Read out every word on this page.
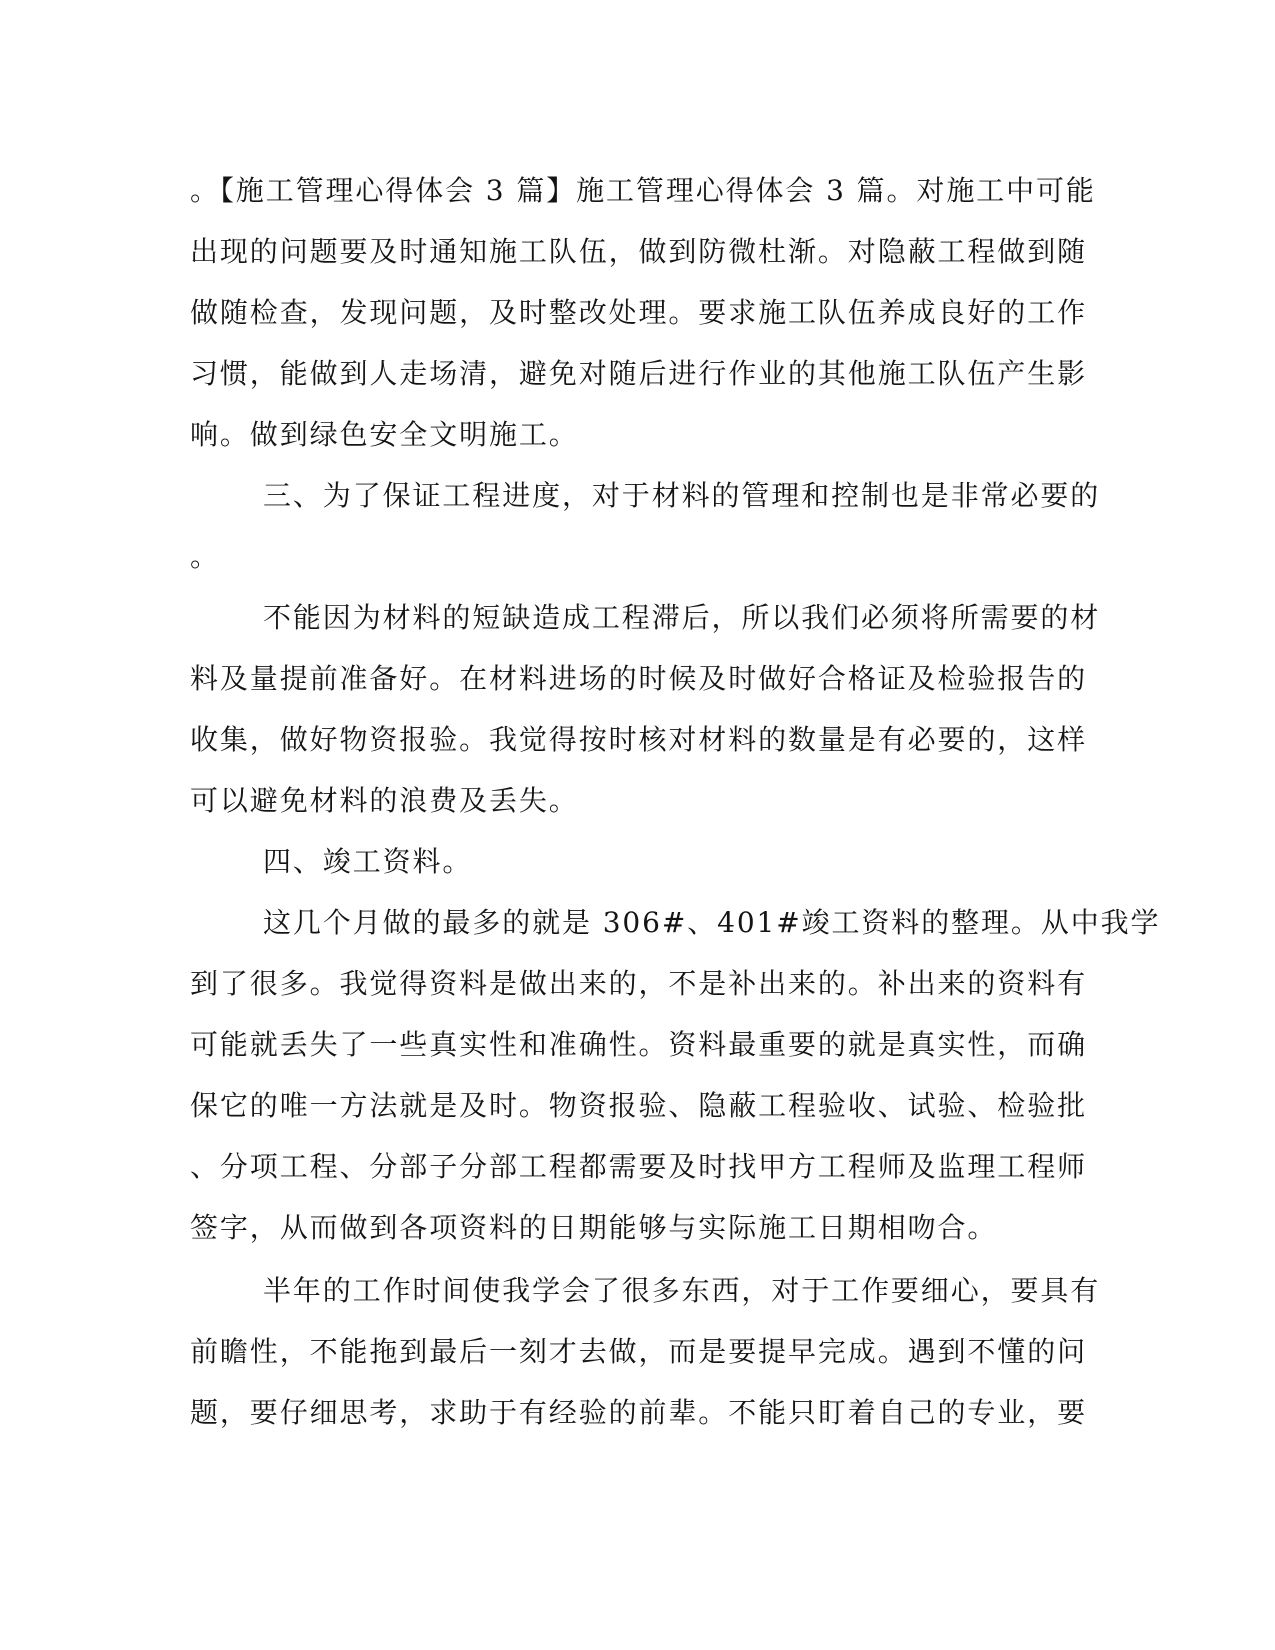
。【施工管理心得体会 3 篇】施工管理心得体会 3 篇。对施工中可能
出现的问题要及时通知施工队伍，做到防微杜渐。对隐蔽工程做到随
做随检查，发现问题，及时整改处理。要求施工队伍养成良好的工作
习惯，能做到人走场清，避免对随后进行作业的其他施工队伍产生影
响。做到绿色安全文明施工。
三、为了保证工程进度，对于材料的管理和控制也是非常必要的
。
不能因为材料的短缺造成工程滞后，所以我们必须将所需要的材
料及量提前准备好。在材料进场的时候及时做好合格证及检验报告的
收集，做好物资报验。我觉得按时核对材料的数量是有必要的，这样
可以避免材料的浪费及丢失。
四、竣工资料。
这几个月做的最多的就是 306#、401#竣工资料的整理。从中我学
到了很多。我觉得资料是做出来的，不是补出来的。补出来的资料有
可能就丢失了一些真实性和准确性。资料最重要的就是真实性，而确
保它的唯一方法就是及时。物资报验、隐蔽工程验收、试验、检验批
、分项工程、分部子分部工程都需要及时找甲方工程师及监理工程师
签字，从而做到各项资料的日期能够与实际施工日期相吻合。
半年的工作时间使我学会了很多东西，对于工作要细心，要具有
前瞻性，不能拖到最后一刻才去做，而是要提早完成。遇到不懂的问
题，要仔细思考，求助于有经验的前辈。不能只盯着自己的专业，要
